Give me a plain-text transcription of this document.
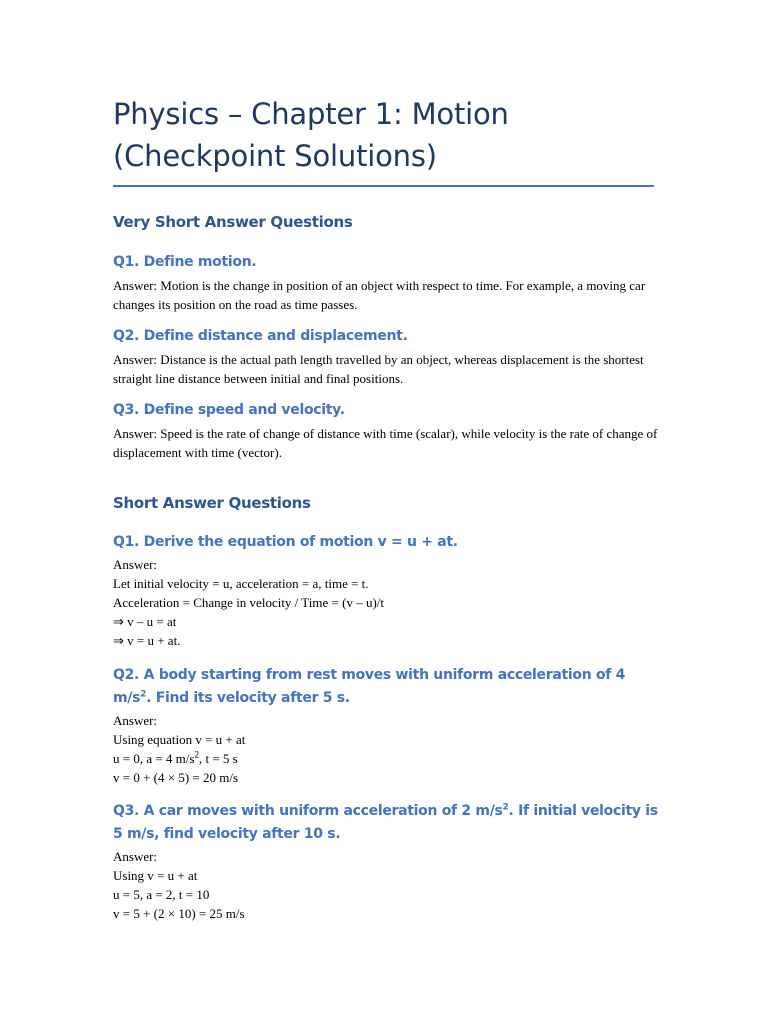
Physics – Chapter 1: Motion
(Checkpoint Solutions)
Very Short Answer Questions
Q1. Define motion.

Answer: Motion is the change in position of an object with respect to time. For example, a moving car changes its position on the road as time passes.

Q2. Define distance and displacement.

Answer: Distance is the actual path length travelled by an object, whereas displacement is the shortest straight line distance between initial and final positions.

Q3. Define speed and velocity.

Answer: Speed is the rate of change of distance with time (scalar), while velocity is the rate of change of displacement with time (vector).

Short Answer Questions
Q1. Derive the equation of motion v = u + at.
Answer:
Let initial velocity = u, acceleration = a, time = t.
Acceleration = Change in velocity / Time = (v – u)/t
⇒ v – u = at
⇒ v = u + at.
Q2. A body starting from rest moves with uniform acceleration of 4 $m/s^2$. Find its velocity after 5 s.
Answer:
Using equation v = u + at
u = 0, a = 4 $m/s^2$, t = 5 s
v = 0 + (4 × 5) = 20 m/s
Q3. A car moves with uniform acceleration of 2 $m/s^2$. If initial velocity is 5 m/s, find velocity after 10 s.
Answer:
Using v = u + at
u = 5, a = 2, t = 10
v = 5 + (2 × 10) = 25 m/s
